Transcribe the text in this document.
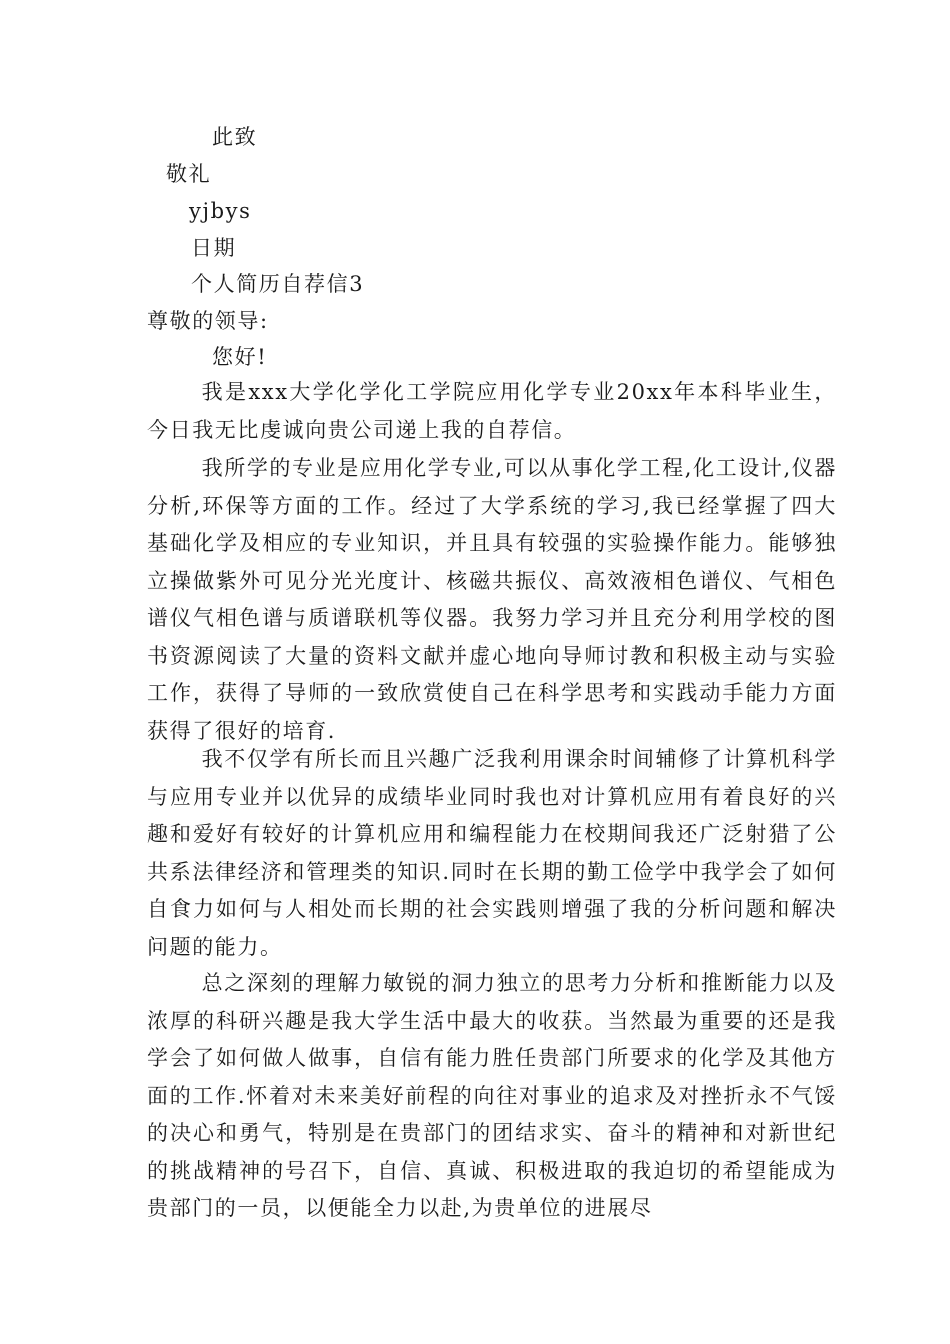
此致
敬礼
yjbys
日期
个人简历自荐信3
尊敬的领导:
您好!

我是xxx大学化学化工学院应用化学专业20xx年本科毕业生，今日我无比虔诚向贵公司递上我的自荐信。

我所学的专业是应用化学专业,可以从事化学工程,化工设计,仪器分析,环保等方面的工作。经过了大学系统的学习,我已经掌握了四大基础化学及相应的专业知识，并且具有较强的实验操作能力。能够独立操做紫外可见分光光度计、核磁共振仪、高效液相色谱仪、气相色谱仪气相色谱与质谱联机等仪器。我努力学习并且充分利用学校的图书资源阅读了大量的资料文献并虚心地向导师讨教和积极主动与实验工作，获得了导师的一致欣赏使自己在科学思考和实践动手能力方面获得了很好的培育.

我不仅学有所长而且兴趣广泛我利用课余时间辅修了计算机科学与应用专业并以优异的成绩毕业同时我也对计算机应用有着良好的兴趣和爱好有较好的计算机应用和编程能力在校期间我还广泛射猎了公共系法律经济和管理类的知识.同时在长期的勤工俭学中我学会了如何自食力如何与人相处而长期的社会实践则增强了我的分析问题和解决问题的能力。

总之深刻的理解力敏锐的洞力独立的思考力分析和推断能力以及浓厚的科研兴趣是我大学生活中最大的收获。当然最为重要的还是我学会了如何做人做事，自信有能力胜任贵部门所要求的化学及其他方面的工作.怀着对未来美好前程的向往对事业的追求及对挫折永不气馁的决心和勇气，特别是在贵部门的团结求实、奋斗的精神和对新世纪的挑战精神的号召下，自信、真诚、积极进取的我迫切的希望能成为贵部门的一员，以便能全力以赴,为贵单位的进展尽
